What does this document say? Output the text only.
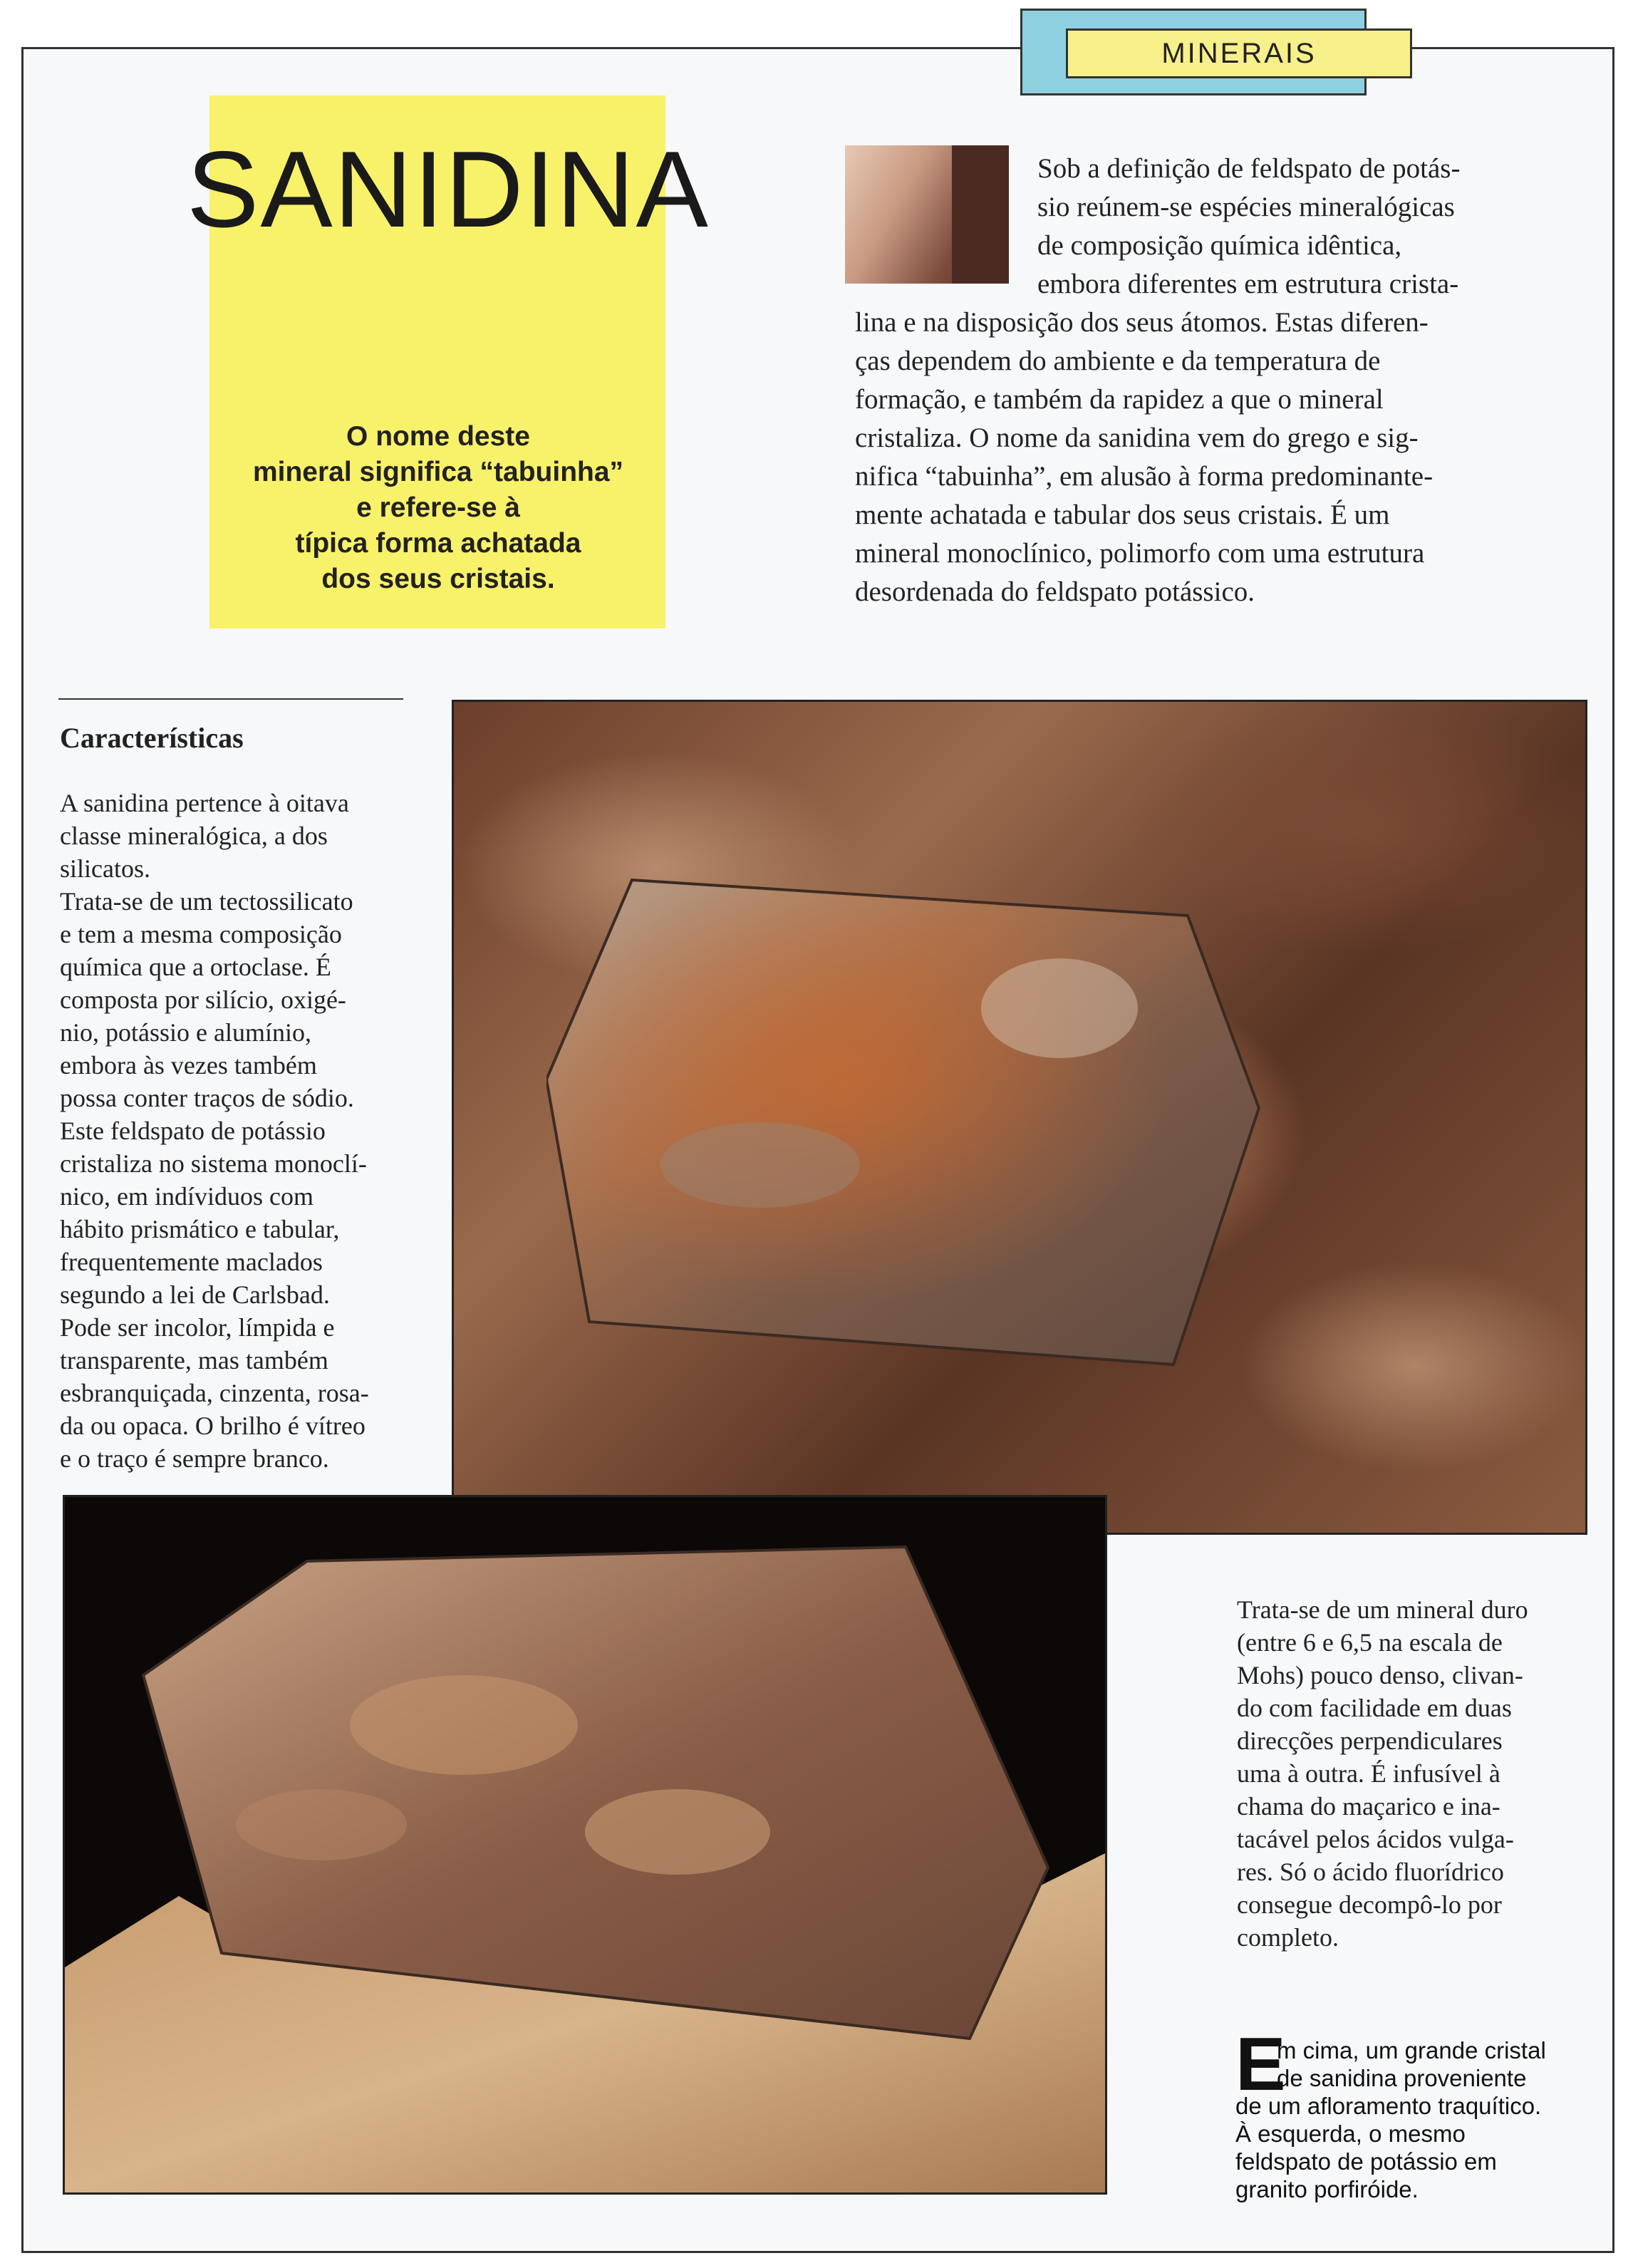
MINERAIS
SANIDINA
O nome deste
mineral significa “tabuinha”
e refere-se à
típica forma achatada
dos seus cristais.
Sob a definição de feldspato de potás-
sio reúnem-se espécies mineralógicas
de composição química idêntica,
embora diferentes em estrutura crista-
lina e na disposição dos seus átomos. Estas diferen-
ças dependem do ambiente e da temperatura de
formação, e também da rapidez a que o mineral
cristaliza. O nome da sanidina vem do grego e sig-
nifica “tabuinha”, em alusão à forma predominante-
mente achatada e tabular dos seus cristais. É um
mineral monoclínico, polimorfo com uma estrutura
desordenada do feldspato potássico.
Características
A sanidina pertence à oitava
classe mineralógica, a dos
silicatos.
Trata-se de um tectossilicato
e tem a mesma composição
química que a ortoclase. É
composta por silício, oxigé-
nio, potássio e alumínio,
embora às vezes também
possa conter traços de sódio.
Este feldspato de potássio
cristaliza no sistema monoclí-
nico, em indíviduos com
hábito prismático e tabular,
frequentemente maclados
segundo a lei de Carlsbad.
Pode ser incolor, límpida e
transparente, mas também
esbranquiçada, cinzenta, rosa-
da ou opaca. O brilho é vítreo
e o traço é sempre branco.
Trata-se de um mineral duro
(entre 6 e 6,5 na escala de
Mohs) pouco denso, clivan-
do com facilidade em duas
direcções perpendiculares
uma à outra. É infusível à
chama do maçarico e ina-
tacável pelos ácidos vulga-
res. Só o ácido fluorídrico
consegue decompô-lo por
completo.
E
m cima, um grande cristal
de sanidina proveniente
de um afloramento traquítico.
À esquerda, o mesmo
feldspato de potássio em
granito porfiróide.
